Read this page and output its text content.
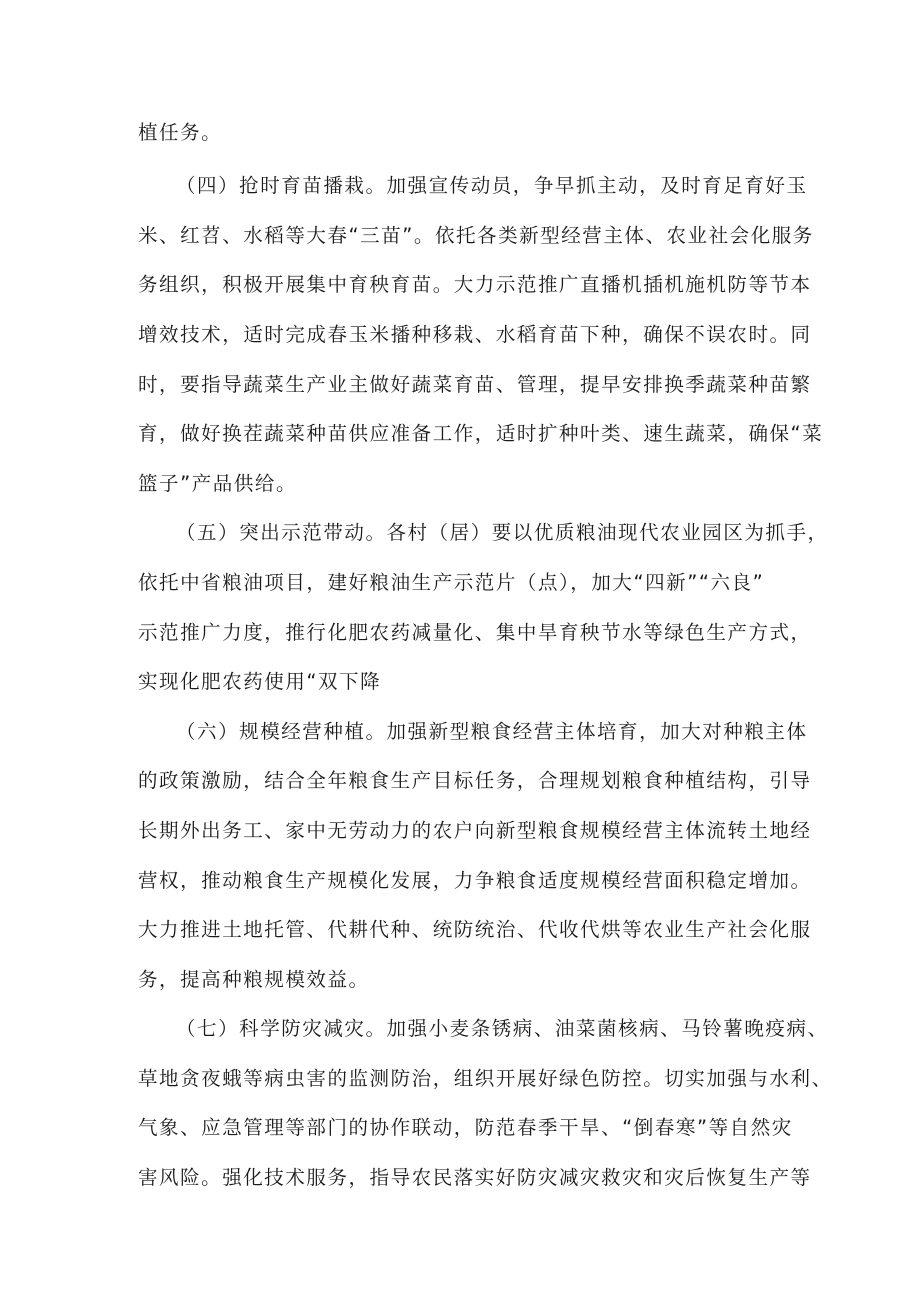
植任务。
（四）抢时育苗播栽。加强宣传动员，争早抓主动，及时育足育好玉
米、红苕、水稻等大春“三苗”。依托各类新型经营主体、农业社会化服务
务组织，积极开展集中育秧育苗。大力示范推广直播机插机施机防等节本
增效技术，适时完成春玉米播种移栽、水稻育苗下种，确保不误农时。同
时，要指导蔬菜生产业主做好蔬菜育苗、管理，提早安排换季蔬菜种苗繁
育，做好换茬蔬菜种苗供应准备工作，适时扩种叶类、速生蔬菜，确保“菜
篮子”产品供给。
（五）突出示范带动。各村（居）要以优质粮油现代农业园区为抓手，
依托中省粮油项目，建好粮油生产示范片（点），加大“四新”“六良”
示范推广力度，推行化肥农药减量化、集中旱育秧节水等绿色生产方式，
实现化肥农药使用“双下降
（六）规模经营种植。加强新型粮食经营主体培育，加大对种粮主体
的政策激励，结合全年粮食生产目标任务，合理规划粮食种植结构，引导
长期外出务工、家中无劳动力的农户向新型粮食规模经营主体流转土地经
营权，推动粮食生产规模化发展，力争粮食适度规模经营面积稳定增加。
大力推进土地托管、代耕代种、统防统治、代收代烘等农业生产社会化服
务，提高种粮规模效益。
（七）科学防灾减灾。加强小麦条锈病、油菜菌核病、马铃薯晚疫病、
草地贪夜蛾等病虫害的监测防治，组织开展好绿色防控。切实加强与水利、
气象、应急管理等部门的协作联动，防范春季干旱、“倒春寒”等自然灾
害风险。强化技术服务，指导农民落实好防灾减灾救灾和灾后恢复生产等
